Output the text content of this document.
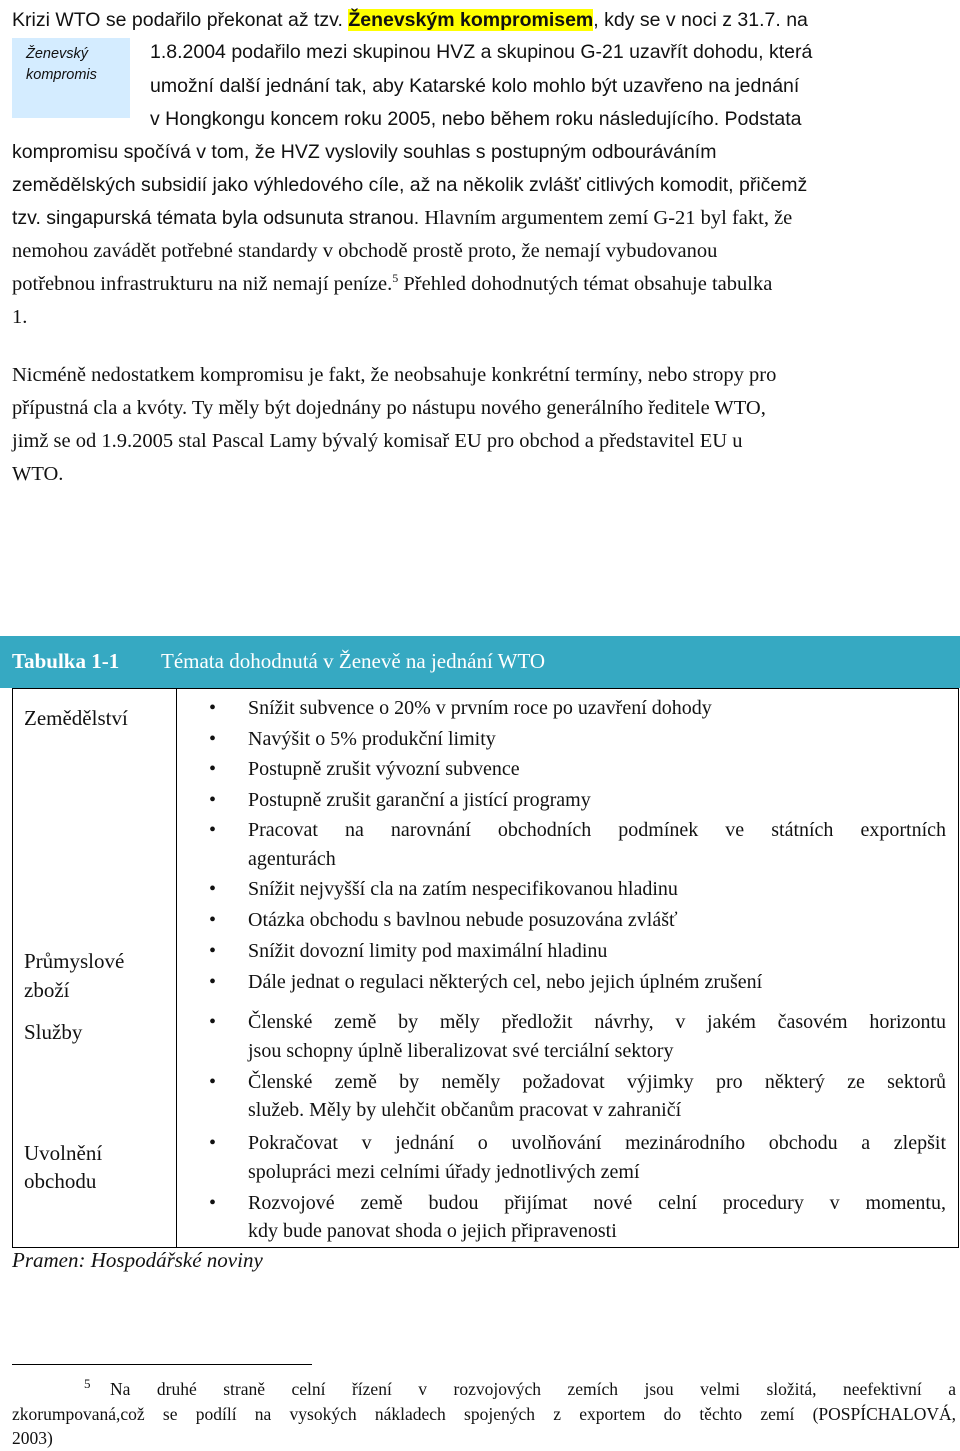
Krizi WTO se podařilo překonat až tzv. Ženevským kompromisem, kdy se v noci z 31.7. na
Ženevský
kompromis
1.8.2004 podařilo mezi skupinou HVZ a skupinou G-21 uzavřít dohodu, která
umožní další jednání tak, aby Katarské kolo mohlo být uzavřeno na jednání
v Hongkongu koncem roku 2005, nebo během roku následujícího. Podstata
kompromisu spočívá v tom, že HVZ vyslovily souhlas s postupným odbouráváním
zemědělských subsidií jako výhledového cíle, až na několik zvlášť citlivých komodit, přičemž
tzv. singapurská témata byla odsunuta stranou. Hlavním argumentem zemí G-21 byl fakt, že
nemohou zavádět potřebné standardy v obchodě prostě proto, že nemají vybudovanou
potřebnou infrastrukturu na niž nemají peníze.$^5$ Přehled dohodnutých témat obsahuje tabulka
1.
Nicméně nedostatkem kompromisu je fakt, že neobsahuje konkrétní termíny, nebo stropy pro
přípustná cla a kvóty. Ty měly být dojednány po nástupu nového generálního ředitele WTO,
jimž se od 1.9.2005 stal Pascal Lamy bývalý komisař EU pro obchod a představitel EU u
WTO.
Tabulka 1-1 Témata dohodnutá v Ženevě na jednání WTO
Zemědělství
Průmyslové
zboží
Služby
Uvolnění
obchodu
• Snížit subvence o 20% v prvním roce po uzavření dohody
• Navýšit o 5% produkční limity
• Postupně zrušit vývozní subvence
• Postupně zrušit garanční a jistící programy
• Pracovat na narovnání obchodních podmínek ve státních exportních
agenturách
• Snížit nejvyšší cla na zatím nespecifikovanou hladinu
• Otázka obchodu s bavlnou nebude posuzována zvlášť
• Snížit dovozní limity pod maximální hladinu
• Dále jednat o regulaci některých cel, nebo jejich úplném zrušení
• Členské země by měly předložit návrhy, v jakém časovém horizontu
jsou schopny úplně liberalizovat své terciální sektory
• Členské země by neměly požadovat výjimky pro některý ze sektorů
služeb. Měly by ulehčit občanům pracovat v zahraničí
• Pokračovat v jednání o uvolňování mezinárodního obchodu a zlepšit
spolupráci mezi celními úřady jednotlivých zemí
• Rozvojové země budou přijímat nové celní procedury v momentu,
kdy bude panovat shoda o jejich připravenosti
Pramen: Hospodářské noviny
5 Na druhé straně celní řízení v rozvojových zemích jsou velmi složitá, neefektivní a
zkorumpovaná,což se podílí na vysokých nákladech spojených z exportem do těchto zemí (POSPÍCHALOVÁ,
2003)
